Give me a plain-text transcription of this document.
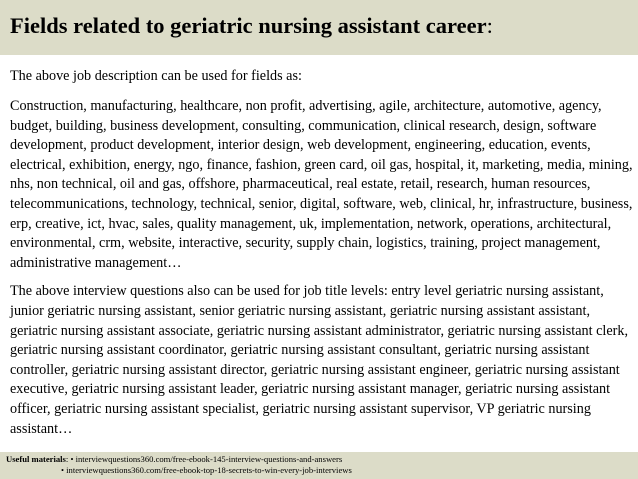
Fields related to geriatric nursing assistant career:

The above job description can be used for fields as:

Construction, manufacturing, healthcare, non profit, advertising, agile, architecture, automotive, agency, budget, building, business development, consulting, communication, clinical research, design, software development, product development, interior design, web development, engineering, education, events, electrical, exhibition, energy, ngo, finance, fashion, green card, oil gas, hospital, it, marketing, media, mining, nhs, non technical, oil and gas, offshore, pharmaceutical, real estate, retail, research, human resources, telecommunications, technology, technical, senior, digital, software, web, clinical, hr, infrastructure, business, erp, creative, ict, hvac, sales, quality management, uk, implementation, network, operations, architectural, environmental, crm, website, interactive, security, supply chain, logistics, training, project management, administrative management…

The above interview questions also can be used for job title levels: entry level geriatric nursing assistant, junior geriatric nursing assistant, senior geriatric nursing assistant, geriatric nursing assistant assistant, geriatric nursing assistant associate, geriatric nursing assistant administrator, geriatric nursing assistant clerk, geriatric nursing assistant coordinator, geriatric nursing assistant consultant, geriatric nursing assistant controller, geriatric nursing assistant director, geriatric nursing assistant engineer, geriatric nursing assistant executive, geriatric nursing assistant leader, geriatric nursing assistant manager, geriatric nursing assistant officer, geriatric nursing assistant specialist, geriatric nursing assistant supervisor, VP geriatric nursing assistant…

Useful materials: • interviewquestions360.com/free-ebook-145-interview-questions-and-answers
• interviewquestions360.com/free-ebook-top-18-secrets-to-win-every-job-interviews
